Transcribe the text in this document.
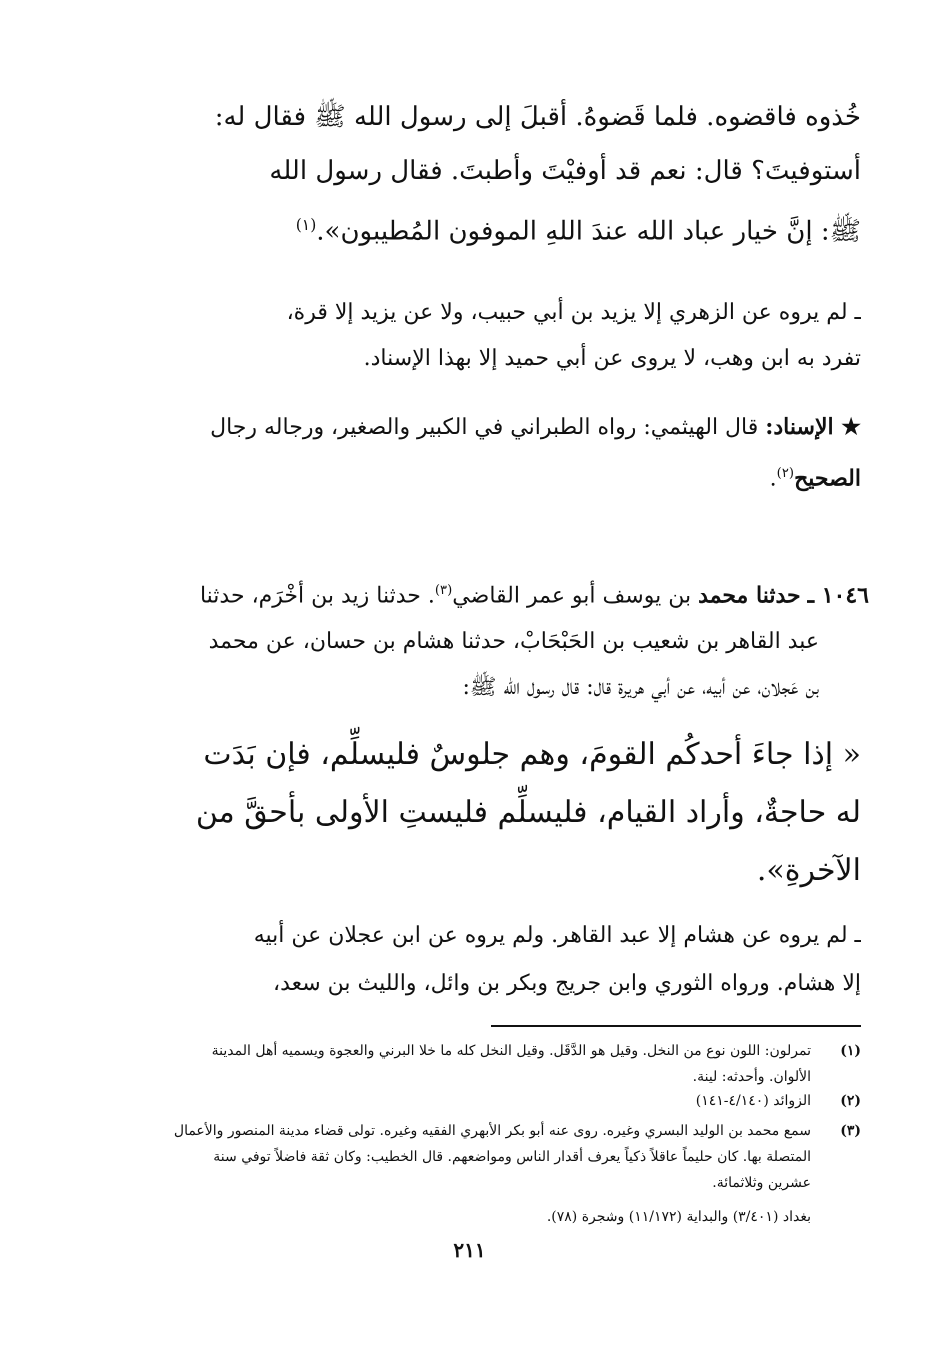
خُذوه فاقضوه. فلما قَضوهُ. أقبلَ إلى رسول الله ﷺ فقال له:
أستوفيتَ؟ قال: نعم قد أوفيْتَ وأطبتَ. فقال رسول الله
ﷺ: إنَّ خيار عباد الله عندَ اللهِ الموفون المُطيبون».$^{(١)}$
ـ لم يروه عن الزهري إلا يزيد بن أبي حبيب، ولا عن يزيد إلا قرة،
تفرد به ابن وهب، لا يروى عن أبي حميد إلا بهذا الإسناد.
★ الإسناد: قال الهيثمي: رواه الطبراني في الكبير والصغير، ورجاله رجال
الصحيح$^{(٢)}$.
١٠٤٦ ـ حدثنا محمد بن يوسف أبو عمر القاضي$^{(٣)}$. حدثنا زيد بن أخْرَم، حدثنا
عبد القاهر بن شعيب بن الحَبْحَابْ، حدثنا هشام بن حسان، عن محمد
بن عَجلان، عن أبيه، عن أبي هريرة قال: قال رسول الله ﷺ:
« إذا جاءَ أحدكُم القومَ، وهم جلوسٌ فليسلِّم، فإن بَدَت
له حاجةٌ، وأراد القيام، فليسلِّم فليستِ الأولى بأحقَّ من
الآخرةِ».
ـ لم يروه عن هشام إلا عبد القاهر. ولم يروه عن ابن عجلان عن أبيه
إلا هشام. ورواه الثوري وابن جريج وبكر بن وائل، والليث بن سعد،
(١)تمرلون: اللون نوع من النخل. وقيل هو الدَّقَل. وقيل النخل كله ما خلا البرني والعجوة ويسميه أهل المدينة
الألوان. وأحدثه: لينة.
(٢)الزوائد (٤/١٤٠-١٤١)
(٣)سمع محمد بن الوليد البسري وغيره. روى عنه أبو بكر الأبهري الفقيه وغيره. تولى قضاء مدينة المنصور والأعمال
المتصلة بها. كان حليماً عاقلاً ذكياً يعرف أقدار الناس ومواضعهم. قال الخطيب: وكان ثقة فاضلاً توفي سنة
عشرين وثلاثمائة.
بغداد (٣/٤٠١) والبداية (١١/١٧٢) وشجرة (٧٨).
٢١١
